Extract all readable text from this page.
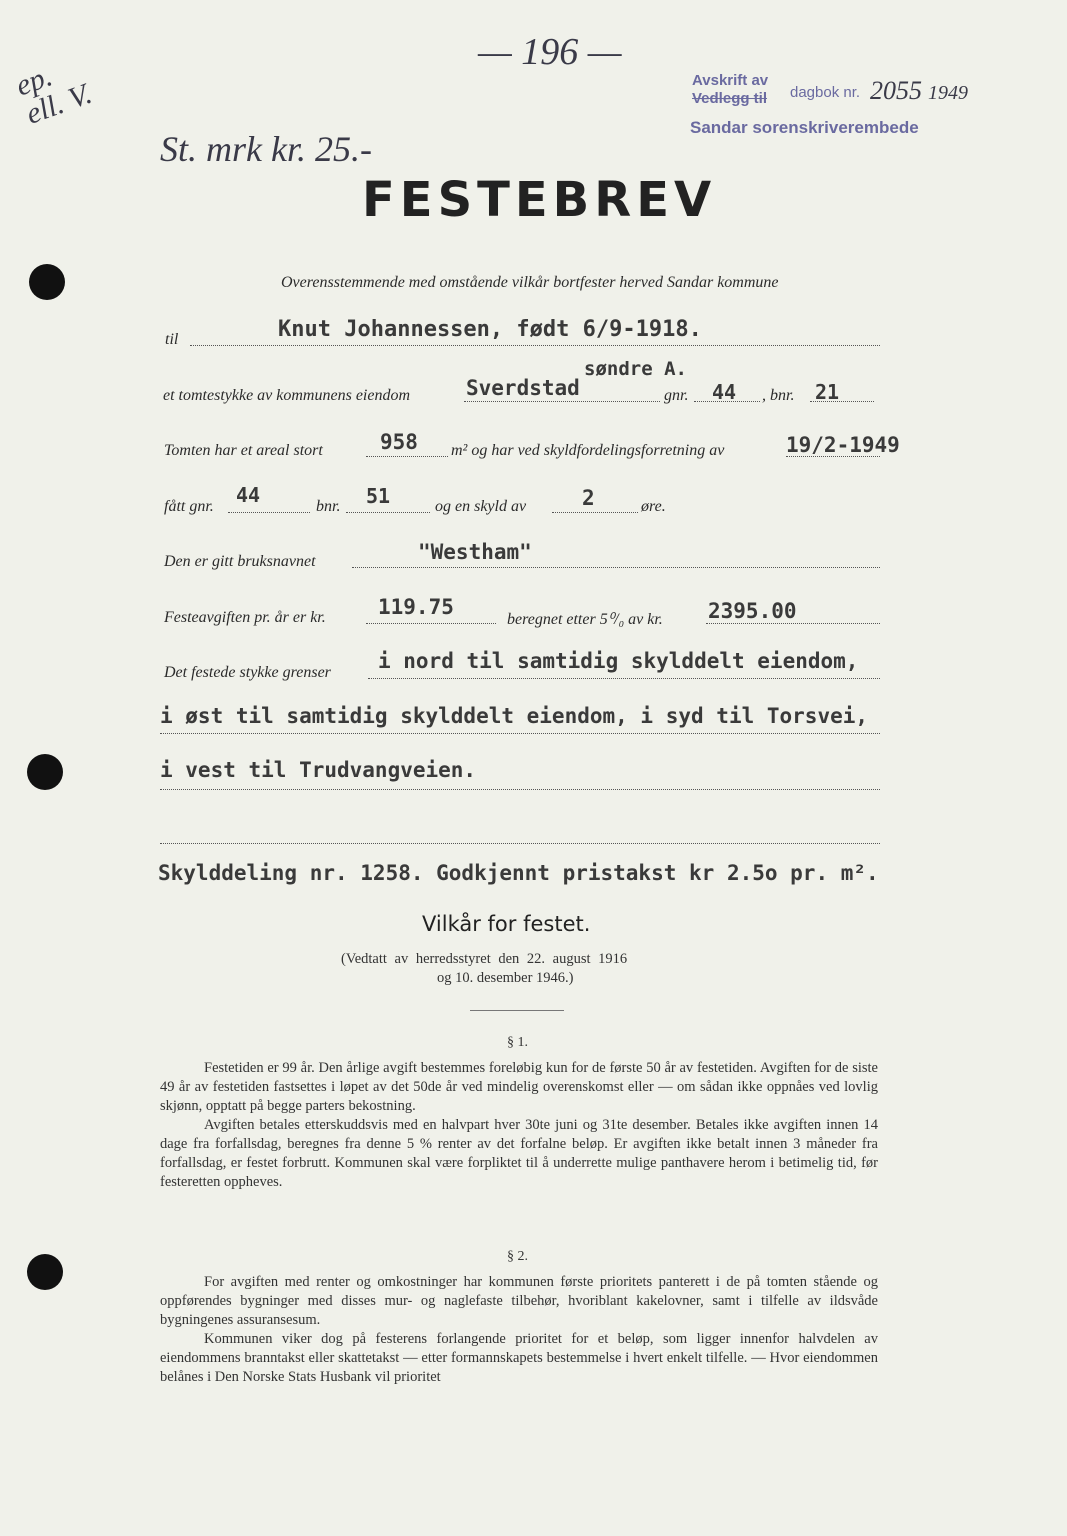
— 196 —
ep. ell. V.
St. mrk kr. 25.-
Avskrift av
Vedlegg til dagbok nr. 2055 1949
Sandar sorenskriverembede
FESTEBREV
Overensstemmende med omstående vilkår bortfester herved Sandar kommune
til	Knut Johannessen, født 6/9-1918.
søndre A.
et tomtestykke av kommunens eiendom	Sverdstad	gnr. 44 , bnr. 21
Tomten har et areal stort	958 m² og har ved skyldfordelingsforretning av	19/2-1949
fått gnr. 44	bnr. 51	og en skyld av	2	øre.
Den er gitt bruksnavnet	"Westham"
Festeavgiften pr. år er kr. 119.75
beregnet etter 5⁰/₀ av kr. 2395.00
Det festede stykke grenser i nord til samtidig skylddelt eiendom,
i øst til samtidig skylddelt eiendom, i syd til Torsvei,
i vest til Trudvangveien.
Skylddeling nr. 1258. Godkjennt pristakst kr 2.5o pr. m².
Vilkår for festet.
(Vedtatt av herredsstyret den 22. august 1916
og 10. desember 1946.)
§ 1.

Festetiden er 99 år. Den årlige avgift bestemmes foreløbig kun for de første 50 år av festetiden. Avgiften for de siste 49 år av festetiden fastsettes i løpet av det 50de år ved mindelig overenskomst eller — om sådan ikke oppnåes ved lovlig skjønn, opptatt på begge parters bekostning.

Avgiften betales etterskuddsvis med en halvpart hver 30te juni og 31te desember. Betales ikke avgiften innen 14 dage fra forfallsdag, beregnes fra denne 5 % renter av det forfalne beløp. Er avgiften ikke betalt innen 3 måneder fra forfallsdag, er festet forbrutt. Kommunen skal være forpliktet til å underrette mulige panthavere herom i betimelig tid, før festeretten oppheves.

§ 2.

For avgiften med renter og omkostninger har kommunen første prioritets panterett i de på tomten stående og oppførendes bygninger med disses mur- og naglefaste tilbehør, hvoriblant kakelovner, samt i tilfelle av ildsvåde bygningenes assuransesum.

Kommunen viker dog på festerens forlangende prioritet for et beløp, som ligger innenfor halvdelen av eiendommens branntakst eller skattetakst — etter formannskapets bestemmelse i hvert enkelt tilfelle. — Hvor eiendommen belånes i Den Norske Stats Husbank vil prioritet
